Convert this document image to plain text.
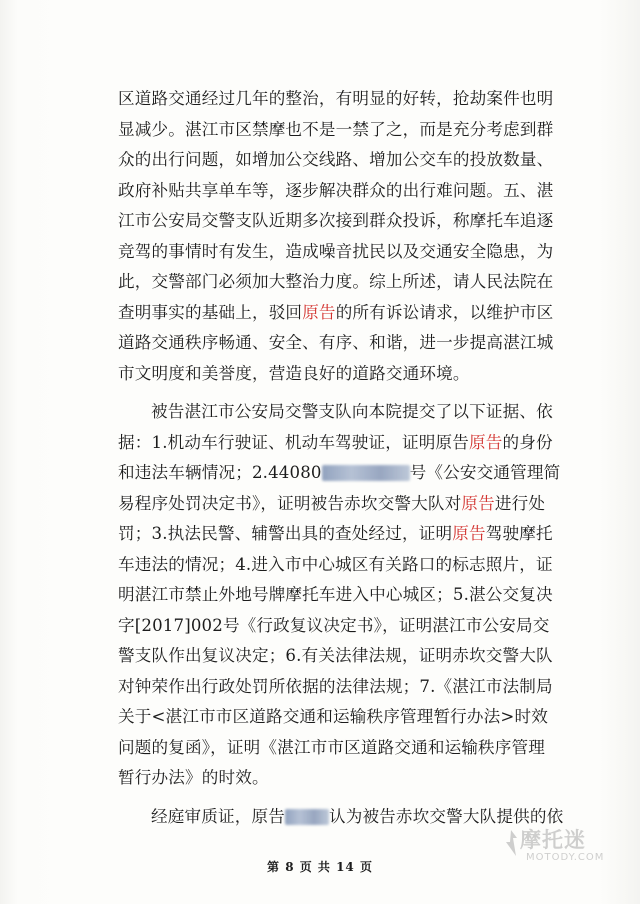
区道路交通经过几年的整治，有明显的好转，抢劫案件也明
显减少。湛江市区禁摩也不是一禁了之，而是充分考虑到群
众的出行问题，如增加公交线路、增加公交车的投放数量、
政府补贴共享单车等，逐步解决群众的出行难问题。五、湛
江市公安局交警支队近期多次接到群众投诉，称摩托车追逐
竞驾的事情时有发生，造成噪音扰民以及交通安全隐患，为
此，交警部门必须加大整治力度。综上所述，请人民法院在
查明事实的基础上，驳回原告的所有诉讼请求，以维护市区
道路交通秩序畅通、安全、有序、和谐，进一步提高湛江城
市文明度和美誉度，营造良好的道路交通环境。
被告湛江市公安局交警支队向本院提交了以下证据、依
据：1.机动车行驶证、机动车驾驶证，证明原告原告的身份
和违法车辆情况；2.44080	号《公安交通管理简
易程序处罚决定书》，证明被告赤坎交警大队对原告进行处
罚；3.执法民警、辅警出具的查处经过，证明原告驾驶摩托
车违法的情况；4.进入市中心城区有关路口的标志照片，证
明湛江市禁止外地号牌摩托车进入中心城区；5.湛公交复决
字[2017]002号《行政复议决定书》，证明湛江市公安局交
警支队作出复议决定；6.有关法律法规，证明赤坎交警大队
对钟荣作出行政处罚所依据的法律法规；7.《湛江市法制局
关于<湛江市市区道路交通和运输秩序管理暂行办法>时效
问题的复函》，证明《湛江市市区道路交通和运输秩序管理
暂行办法》的时效。
经庭审质证，原告	认为被告赤坎交警大队提供的依
第 8 页 共 14 页
摩托迷
MOTODY.COM
